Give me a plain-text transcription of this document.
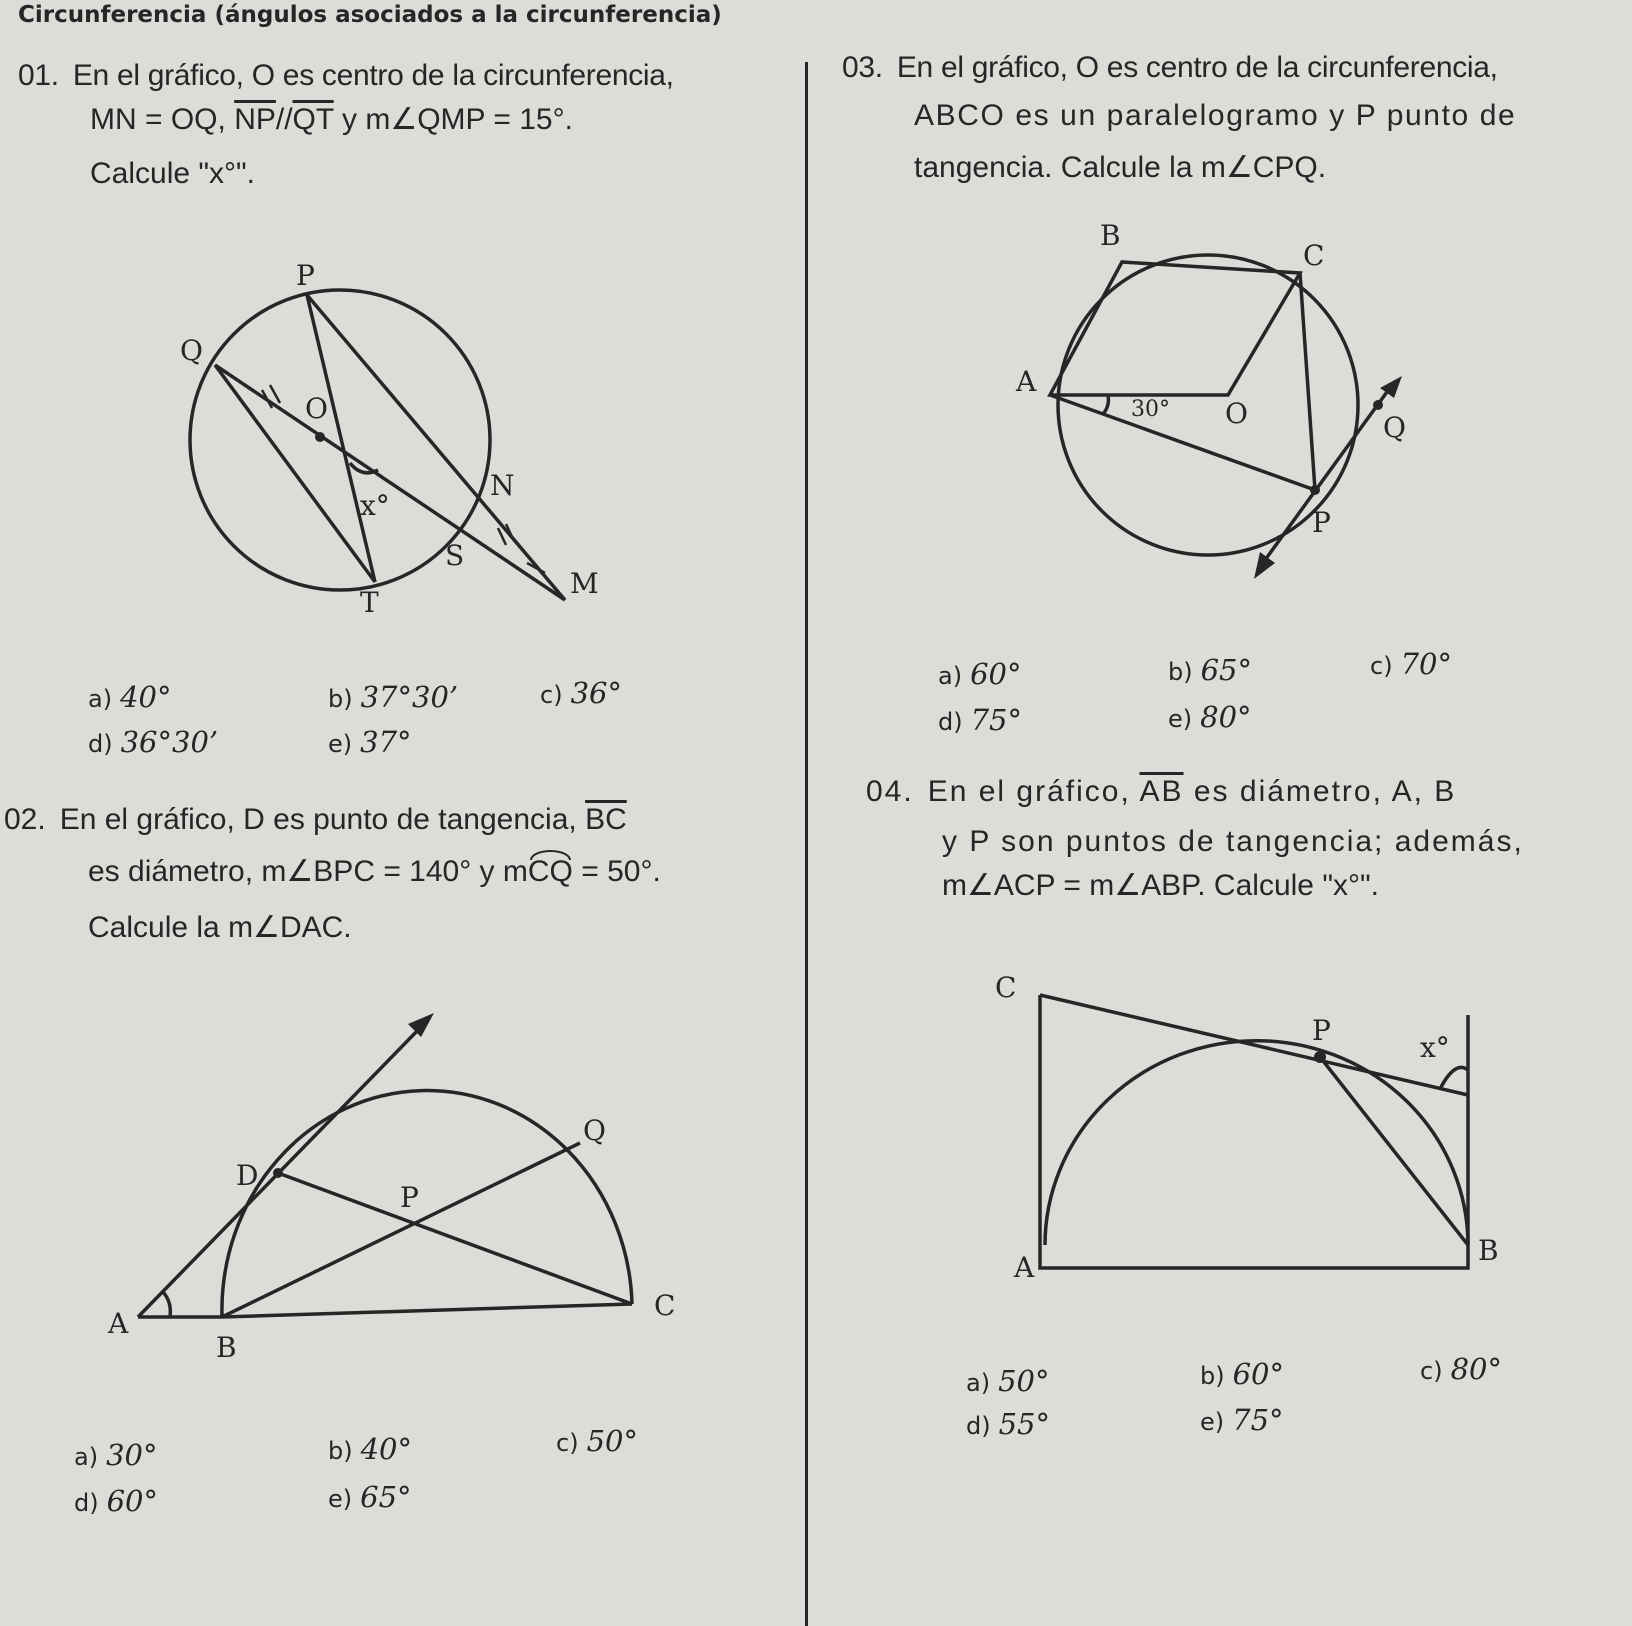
Circunferencia (ángulos asociados a la circunferencia)
01. En el gráfico, O es centro de la circunferencia,
MN = OQ, $\overline{NP}//\overline{QT}$ y m∠QMP = 15°.
Calcule "x°".
P
Q
O
x°
N
S
T
M
a) 40°	b) 37°30’	c) 36°
d) 36°30’	e) 37°
02. En el gráfico, D es punto de tangencia, $\overline{BC}$
es diámetro, m∠BPC = 140° y mCQ = 50°.
Calcule la m∠DAC.
Q
D
P
A
B
C
a) 30°	b) 40°	c) 50°
d) 60°	e) 65°
03. En el gráfico, O es centro de la circunferencia,
ABCO es un paralelogramo y P punto de
tangencia. Calcule la m∠CPQ.
B
C
A
30° O	Q
P
a) 60°	b) 65°	c) 70°
d) 75°	e) 80°
04. En el gráfico, $\overline{AB}$ es diámetro, A, B
y P son puntos de tangencia; además,
m∠ACP = m∠ABP. Calcule "x°".
C
P
x°
A
B
a) 50°	b) 60°	c) 80°
d) 55°	e) 75°
